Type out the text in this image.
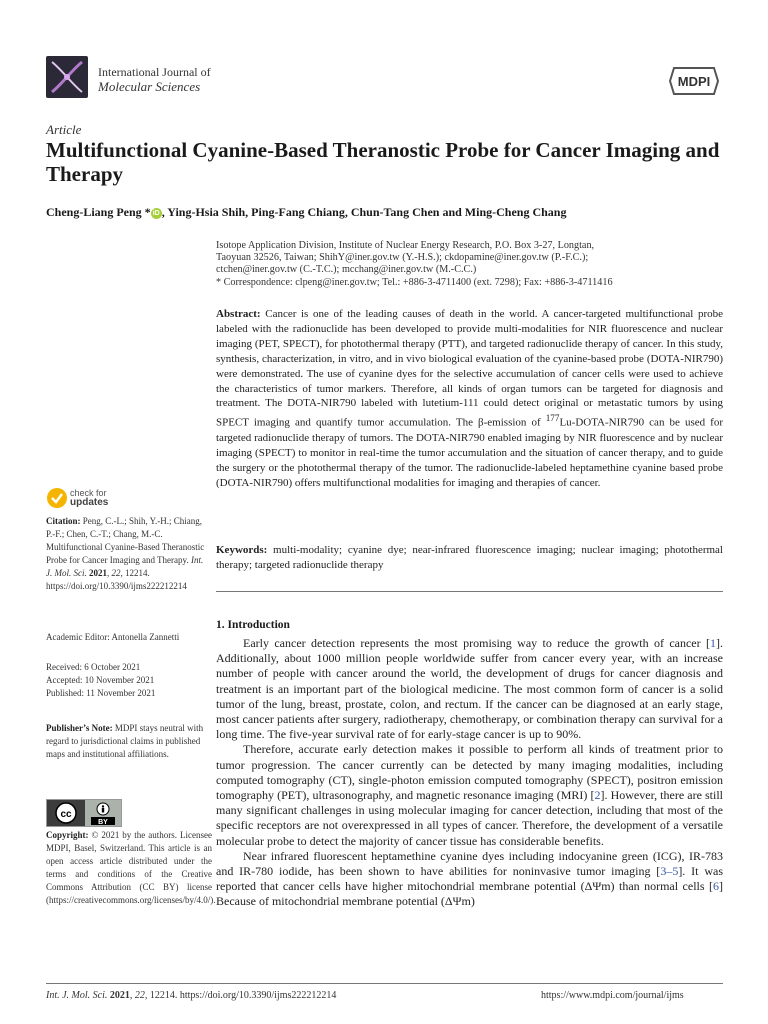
International Journal of
Molecular Sciences	MDPI
Article
Multifunctional Cyanine-Based Theranostic Probe for Cancer Imaging and Therapy
Cheng-Liang Peng * iD , Ying-Hsia Shih, Ping-Fang Chiang, Chun-Tang Chen and Ming-Cheng Chang
Isotope Application Division, Institute of Nuclear Energy Research, P.O. Box 3-27, Longtan,
Taoyuan 32526, Taiwan; ShihY@iner.gov.tw (Y.-H.S.); ckdopamine@iner.gov.tw (P.-F.C.);
ctchen@iner.gov.tw (C.-T.C.); mcchang@iner.gov.tw (M.-C.C.)
* Correspondence: clpeng@iner.gov.tw; Tel.: +886-3-4711400 (ext. 7298); Fax: +886-3-4711416
Abstract: Cancer is one of the leading causes of death in the world. A cancer-targeted multifunctional probe labeled with the radionuclide has been developed to provide multi-modalities for NIR fluorescence and nuclear imaging (PET, SPECT), for photothermal therapy (PTT), and targeted radionuclide therapy of cancer. In this study, synthesis, characterization, in vitro, and in vivo biological evaluation of the cyanine-based probe (DOTA-NIR790) were demonstrated. The use of cyanine dyes for the selective accumulation of cancer cells were used to achieve the characteristics of tumor markers. Therefore, all kinds of organ tumors can be targeted for diagnosis and treatment. The DOTA-NIR790 labeled with lutetium-111 could detect original or metastatic tumors by using SPECT imaging and quantify tumor accumulation. The β-emission of $^{177}$Lu-DOTA-NIR790 can be used for targeted radionuclide therapy of tumors. The DOTA-NIR790 enabled imaging by NIR fluorescence and by nuclear imaging (SPECT) to monitor in real-time the tumor accumulation and the situation of cancer therapy, and to guide the surgery or the photothermal therapy of the tumor. The radionuclide-labeled heptamethine cyanine based probe (DOTA-NIR790) offers multifunctional modalities for imaging and therapies of cancer.
Keywords: multi-modality; cyanine dye; near-infrared fluorescence imaging; nuclear imaging; photothermal therapy; targeted radionuclide therapy
1. Introduction

Early cancer detection represents the most promising way to reduce the growth of cancer [1]. Additionally, about 1000 million people worldwide suffer from cancer every year, with an increase number of people with cancer around the world, the development of drugs for cancer diagnosis and treatment is an important part of the biological medicine. The most common form of cancer is a solid tumor of the lung, breast, prostate, colon, and rectum. If the cancer can be diagnosed at an early stage, most cancer patients after surgery, radiotherapy, chemotherapy, or combination therapy can survival for a long time. The five-year survival rate of for early-stage cancer is up to 90%.

Therefore, accurate early detection makes it possible to perform all kinds of treatment prior to tumor progression. The cancer currently can be detected by many imaging modalities, including computed tomography (CT), single-photon emission computed tomography (SPECT), positron emission tomography (PET), ultrasonography, and magnetic resonance imaging (MRI) [2]. However, there are still many significant challenges in using molecular imaging for cancer detection, including that most of the specific receptors are not overexpressed in all types of cancer. Therefore, the development of a versatile molecular probe to detect the majority of cancer tissue has considerable benefits.

Near infrared fluorescent heptamethine cyanine dyes including indocyanine green (ICG), IR-783 and IR-780 iodide, has been shown to have abilities for noninvasive tumor imaging [3–5]. It was reported that cancer cells have higher mitochondrial membrane potential (ΔΨm) than normal cells [6] Because of mitochondrial membrane potential (ΔΨm)

check for
updates
Citation: Peng, C.-L.; Shih, Y.-H.; Chiang, P.-F.; Chen, C.-T.; Chang, M.-C. Multifunctional Cyanine-Based Theranostic Probe for Cancer Imaging and Therapy. Int. J. Mol. Sci. 2021, 22, 12214. https://doi.org/10.3390/ijms222212214
Academic Editor: Antonella Zannetti
Received: 6 October 2021
Accepted: 10 November 2021
Published: 11 November 2021
Publisher’s Note: MDPI stays neutral with regard to jurisdictional claims in published maps and institutional affiliations.
cc
BY
Copyright: © 2021 by the authors. Licensee MDPI, Basel, Switzerland. This article is an open access article distributed under the terms and conditions of the Creative Commons Attribution (CC BY) license (https://creativecommons.org/licenses/by/4.0/).
Int. J. Mol. Sci. 2021, 22, 12214. https://doi.org/10.3390/ijms222212214	https://www.mdpi.com/journal/ijms
